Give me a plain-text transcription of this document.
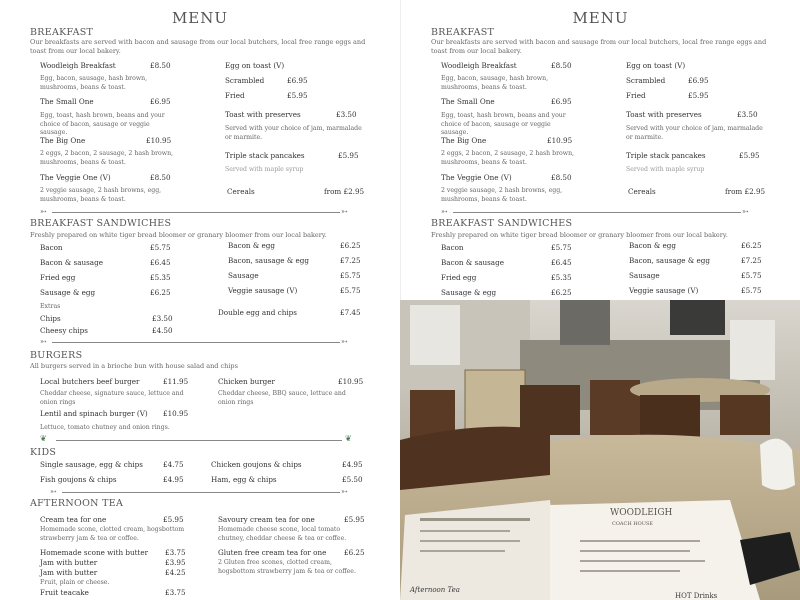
MENU
BREAKFAST
Our breakfasts are served with bacon and sausage from our local butchers, local free range eggs and toast from our local bakery.
Woodleigh Breakfast	£8.50
Egg, bacon, sausage, hash brown, mushrooms, beans & toast.
The Small One	£6.95
Egg, toast, hash brown, beans and your choice of bacon, sausage or veggie sausage.
The Big One	£10.95
2 eggs, 2 bacon, 2 sausage, 2 hash brown, mushrooms, beans & toast.
The Veggie One (V)	£8.50
2 veggie sausage, 2 hash browns, egg, mushrooms, beans & toast.
Egg on toast (V)
Scrambled	£6.95
Fried	£5.95
Toast with preserves	£3.50
Served with your choice of jam, marmalade or marmite.
Triple stack pancakes	£5.95
Served with maple syrup
Cereals	from £2.95
➳	➳
BREAKFAST SANDWICHES
Freshly prepared on white tiger bread bloomer or granary bloomer from our local bakery.
Bacon	£5.75
Bacon & sausage	£6.45
Fried egg	£5.35
Sausage & egg	£6.25
Bacon & egg	£6.25
Bacon, sausage & egg	£7.25
Sausage	£5.75
Veggie sausage (V)	£5.75
Extras
Chips	£3.50
Cheesy chips	£4.50
Double egg and chips	£7.45
➳	➳
BURGERS
All burgers served in a brioche bun with house salad and chips
Local butchers beef burger	£11.95
Cheddar cheese, signature sauce, lettuce and onion rings
Chicken burger	£10.95
Cheddar cheese, BBQ sauce, lettuce and onion rings
Lentil and spinach burger (V) £10.95
Lettuce, tomato chutney and onion rings.
❦	❦
KIDS
Single sausage, egg & chips	£4.75
Fish goujons & chips	£4.95
Chicken goujons & chips	£4.95
Ham, egg & chips	£5.50
➳	➳
AFTERNOON TEA
Cream tea for one	£5.95
Homemade scone, clotted cream, hogsbottom strawberry jam & tea or coffee.
Savoury cream tea for one	£5.95
Homemade cheese scone, local tomato chutney, cheddar cheese & tea or coffee.
Homemade scone with butter £3.75
Jam with butter	£3.95
Jam with butter	£4.25
Fruit, plain or cheese.
Fruit teacake	£3.75
Gluten free cream tea for one £6.25
2 Gluten free scones, clotted cream, hogsbottom strawberry jam & tea or coffee.
MENU
BREAKFAST
Our breakfasts are served with bacon and sausage from our local butchers, local free range eggs and toast from our local bakery.
Woodleigh Breakfast	£8.50
Egg, bacon, sausage, hash brown, mushrooms, beans & toast.
The Small One	£6.95
Egg, toast, hash brown, beans and your choice of bacon, sausage or veggie sausage.
The Big One	£10.95
2 eggs, 2 bacon, 2 sausage, 2 hash brown, mushrooms, beans & toast.
The Veggie One (V)	£8.50
2 veggie sausage, 2 hash browns, egg, mushrooms, beans & toast.
Egg on toast (V)
Scrambled	£6.95
Fried	£5.95
Toast with preserves	£3.50
Served with your choice of jam, marmalade or marmite.
Triple stack pancakes	£5.95
Served with maple syrup
Cereals	from £2.95
➳	➳
BREAKFAST SANDWICHES
Freshly prepared on white tiger bread bloomer or granary bloomer from our local bakery.
Bacon	£5.75
Bacon & sausage	£6.45
Fried egg	£5.35
Sausage & egg	£6.25
Bacon & egg	£6.25
Bacon, sausage & egg	£7.25
Sausage	£5.75
Veggie sausage (V)	£5.75
WOODLEIGH
COACH HOUSE
Afternoon Tea
HOT Drinks
